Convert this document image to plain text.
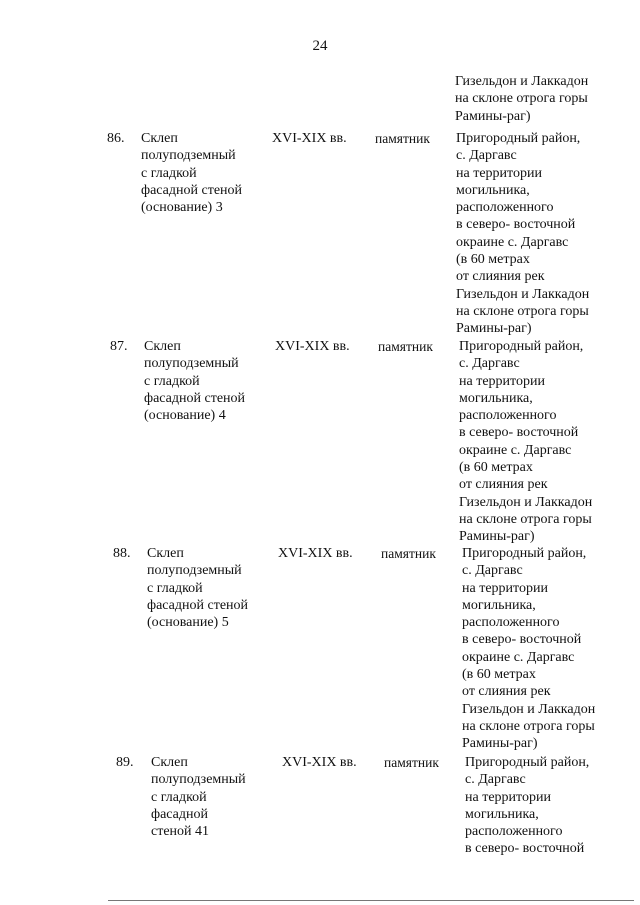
24
Гизельдон и Лаккадон
на склоне отрога горы
Рамины-раг)
86. Склеп
полуподземный
с гладкой
фасадной стеной
(основание) 3
XVI-XIX вв. памятник Пригородный район,
с. Даргавс
на территории
могильника,
расположенного
в северо- восточной
окраине с. Даргавс
(в 60 метрах
от слияния рек
Гизельдон и Лаккадон
на склоне отрога горы
Рамины-раг)
87. Склеп
полуподземный
с гладкой
фасадной стеной
(основание) 4
XVI-XIX вв. памятник Пригородный район,
с. Даргавс
на территории
могильника,
расположенного
в северо- восточной
окраине с. Даргавс
(в 60 метрах
от слияния рек
Гизельдон и Лаккадон
на склоне отрога горы
Рамины-раг)
88. Склеп
полуподземный
с гладкой
фасадной стеной
(основание) 5
XVI-XIX вв. памятник Пригородный район,
с. Даргавс
на территории
могильника,
расположенного
в северо- восточной
окраине с. Даргавс
(в 60 метрах
от слияния рек
Гизельдон и Лаккадон
на склоне отрога горы
Рамины-раг)
89. Склеп
полуподземный
с гладкой
фасадной
стеной 41
XVI-XIX вв. памятник Пригородный район,
с. Даргавс
на территории
могильника,
расположенного
в северо- восточной
